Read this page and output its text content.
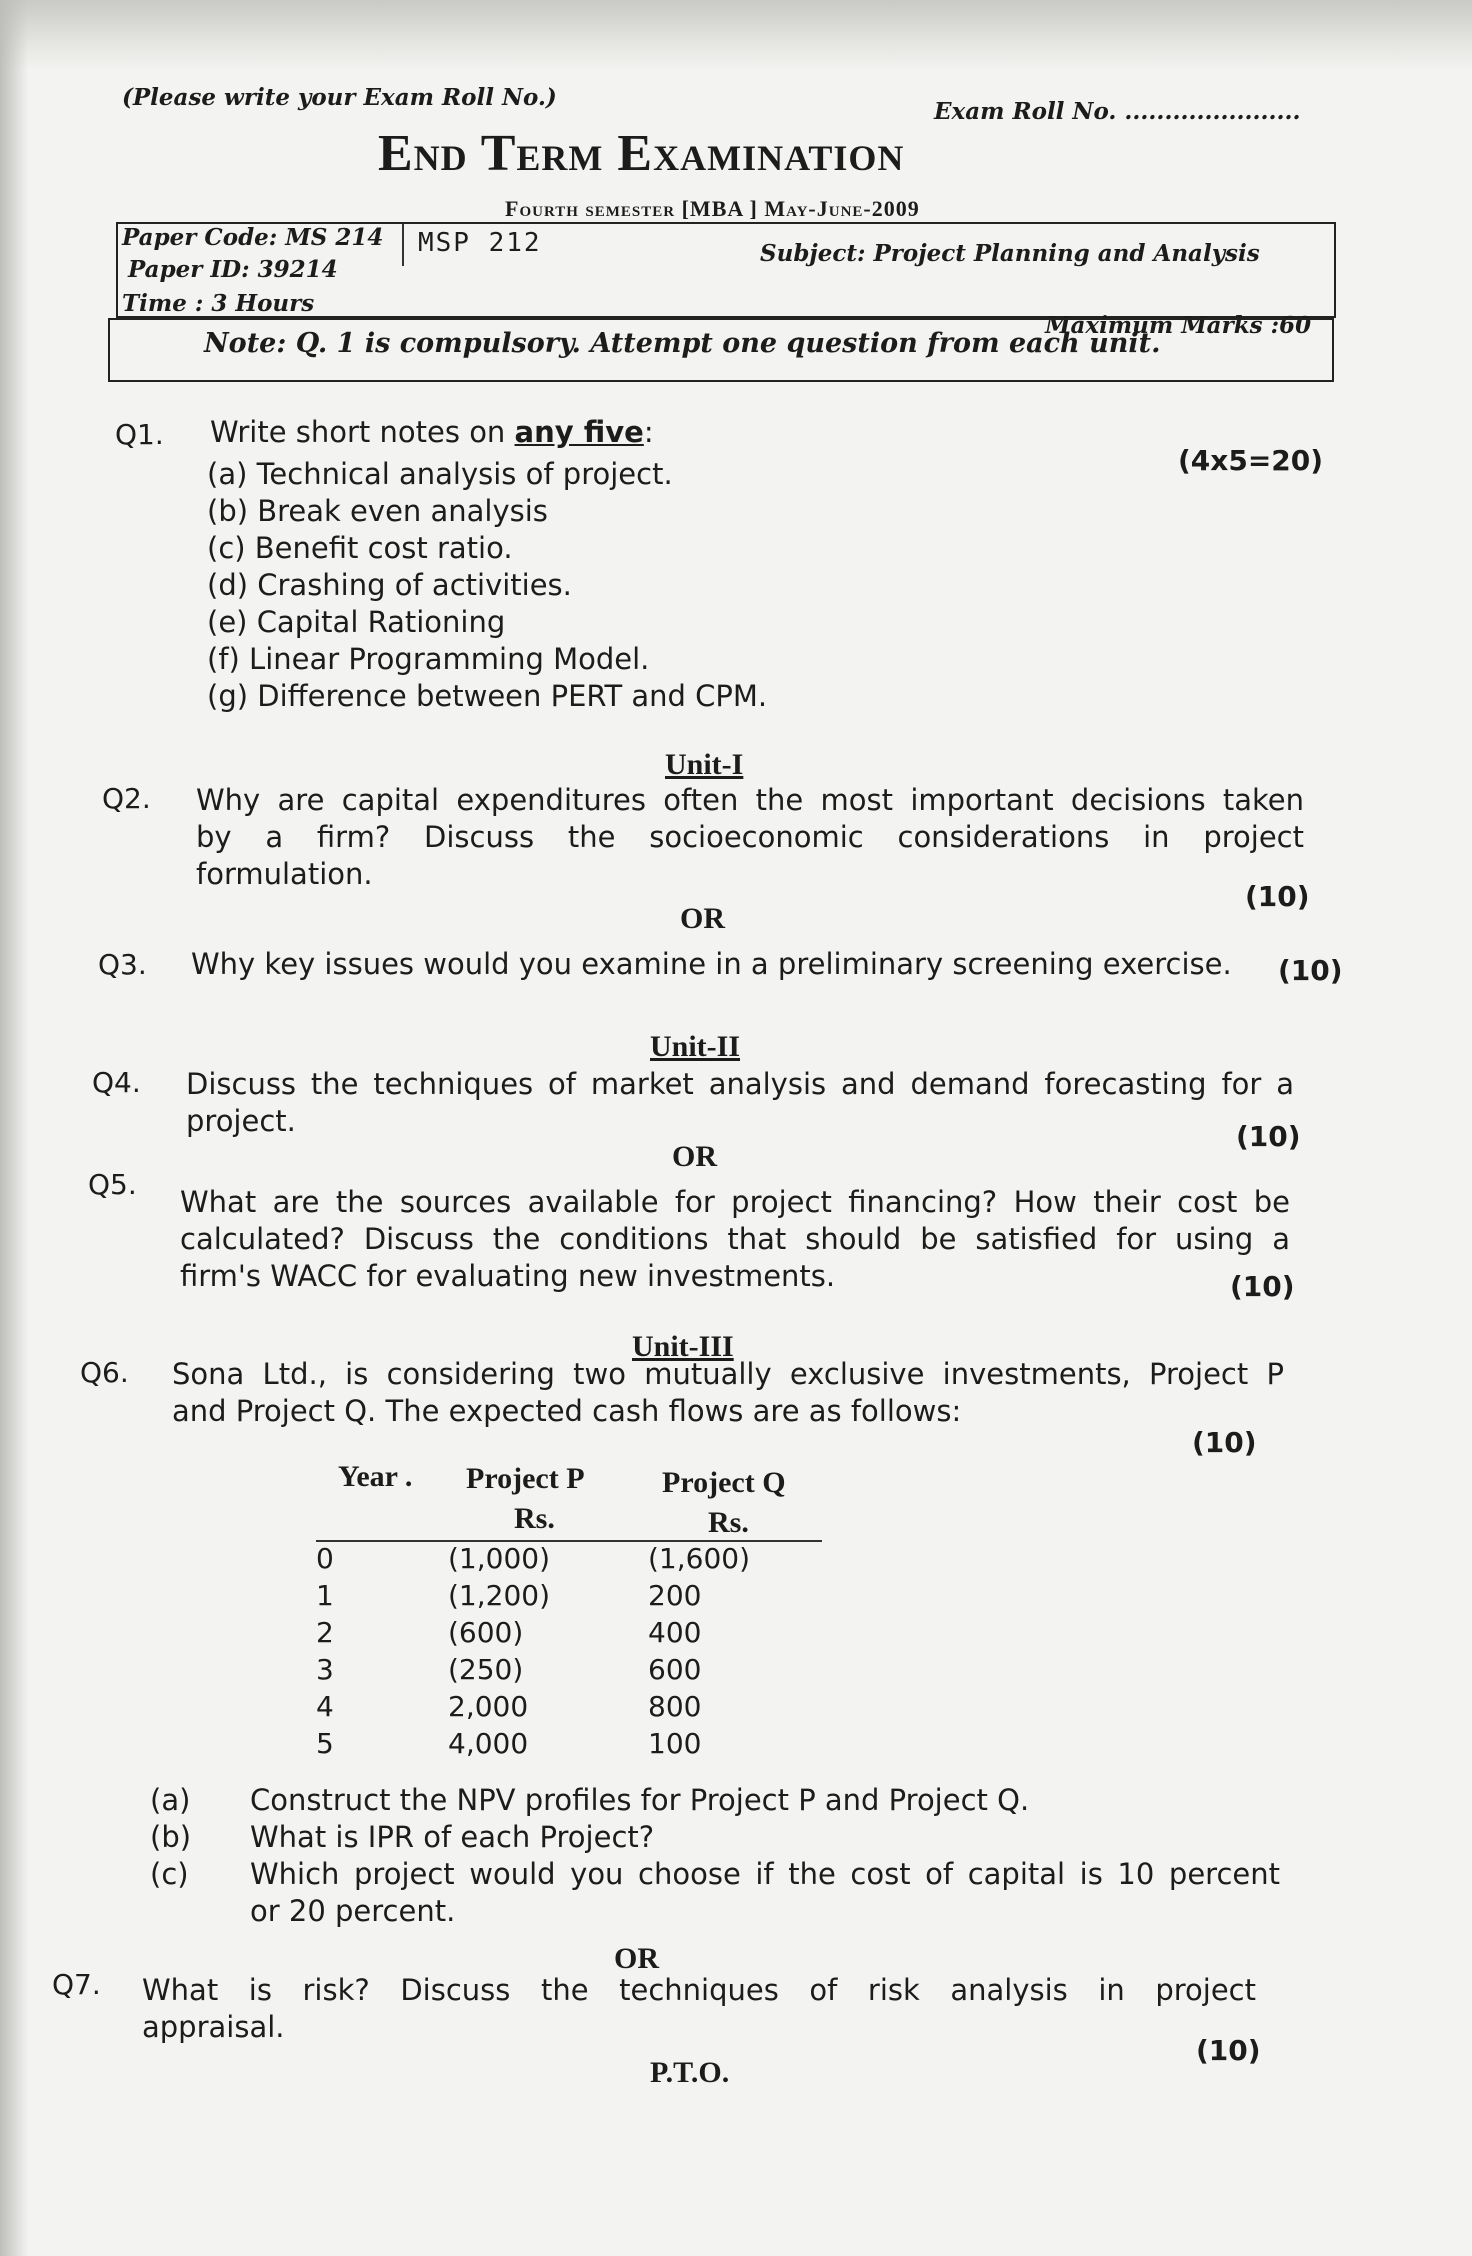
(Please write your Exam Roll No.)
Exam Roll No. ......................
End Term Examination
Fourth semester [MBA ] May-June-2009
Paper Code: MS 214 MSP 212
Paper ID: 39214
Subject: Project Planning and Analysis
Time : 3 Hours
Maximum Marks :60
Note: Q. 1 is compulsory. Attempt one question from each unit.
Q1. Write short notes on any five:
(4x5=20)
(a) Technical analysis of project.
(b) Break even analysis
(c) Benefit cost ratio.
(d) Crashing of activities.
(e) Capital Rationing
(f) Linear Programming Model.
(g) Difference between PERT and CPM.
Unit-I
Q2. Why are capital expenditures often the most important decisions taken
by a firm? Discuss the socioeconomic considerations in project
formulation.
(10)
OR
Q3. Why key issues would you examine in a preliminary screening exercise. (10)
Unit-II
Q4. Discuss the techniques of market analysis and demand forecasting for a
project.	(10)
OR
Q5.
What are the sources available for project financing? How their cost be
calculated? Discuss the conditions that should be satisfied for using a
firm's WACC for evaluating new investments.	(10)
Unit-III
Q6. Sona Ltd., is considering two mutually exclusive investments, Project P
and Project Q. The expected cash flows are as follows:
(10)
Year . Project P	Project Q
Rs.	Rs.
0	(1,000)	(1,600)
1	(1,200)	200
2	(600)	400
3	(250)	600
4	2,000	800
5	4,000	100
(a)	Construct the NPV profiles for Project P and Project Q.
(b)	What is IPR of each Project?
(c)	Which project would you choose if the cost of capital is 10 percent
or 20 percent.
OR
Q7. What is risk? Discuss the techniques of risk analysis in project
appraisal.
(10)
P.T.O.
